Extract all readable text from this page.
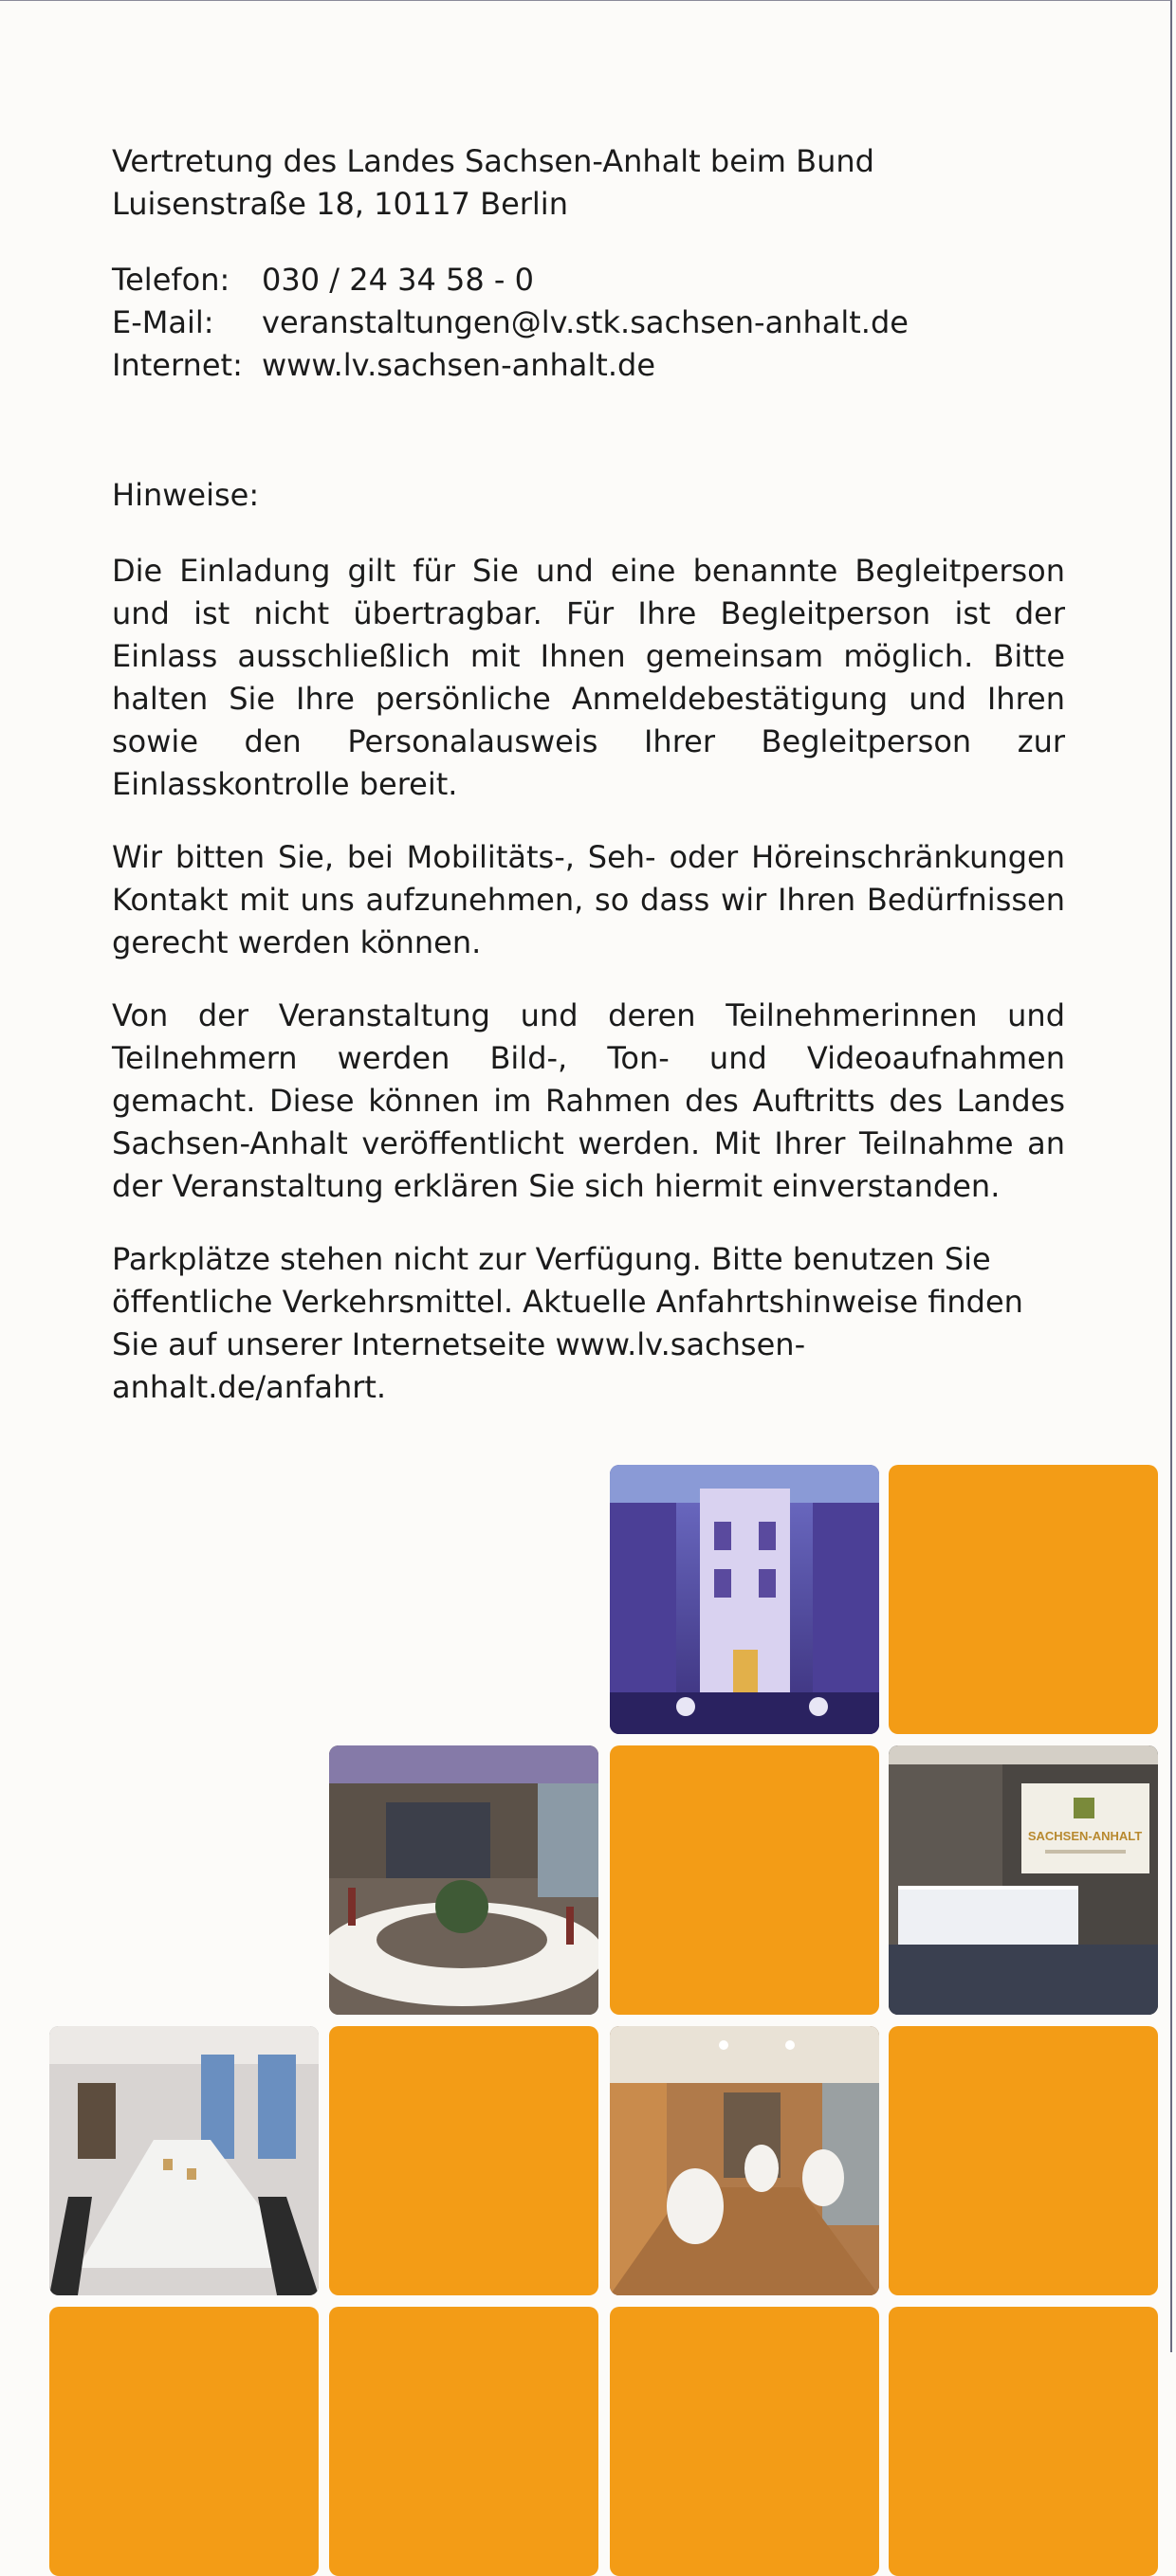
Vertretung des Landes Sachsen-Anhalt beim Bund

Luisenstraße 18, 10117 Berlin

Telefon:	030 / 24 34 58 - 0
E-Mail:	veranstaltungen@lv.stk.sachsen-anhalt.de
Internet: www.lv.sachsen-anhalt.de
Hinweise:

Die Einladung gilt für Sie und eine benannte Begleitperson und ist nicht übertragbar. Für Ihre Begleitperson ist der Einlass ausschließlich mit Ihnen gemeinsam möglich. Bitte halten Sie Ihre persönliche Anmeldebestätigung und Ihren sowie den Personalausweis Ihrer Begleitperson zur Einlasskontrolle bereit.

Wir bitten Sie, bei Mobilitäts-, Seh- oder Höreinschränkungen Kontakt mit uns aufzunehmen, so dass wir Ihren Bedürfnissen gerecht werden können.

Von der Veranstaltung und deren Teilnehmerinnen und Teilnehmern werden Bild-, Ton- und Videoaufnahmen gemacht. Diese können im Rahmen des Auftritts des Landes Sachsen-Anhalt veröffentlicht werden. Mit Ihrer Teilnahme an der Veranstaltung erklären Sie sich hiermit einverstanden.

Parkplätze stehen nicht zur Verfügung. Bitte benutzen Sie öffentliche Verkehrsmittel. Aktuelle Anfahrtshinweise finden Sie auf unserer Internetseite www.lv.sachsen-anhalt.de/anfahrt.

SACHSEN-ANHALT
